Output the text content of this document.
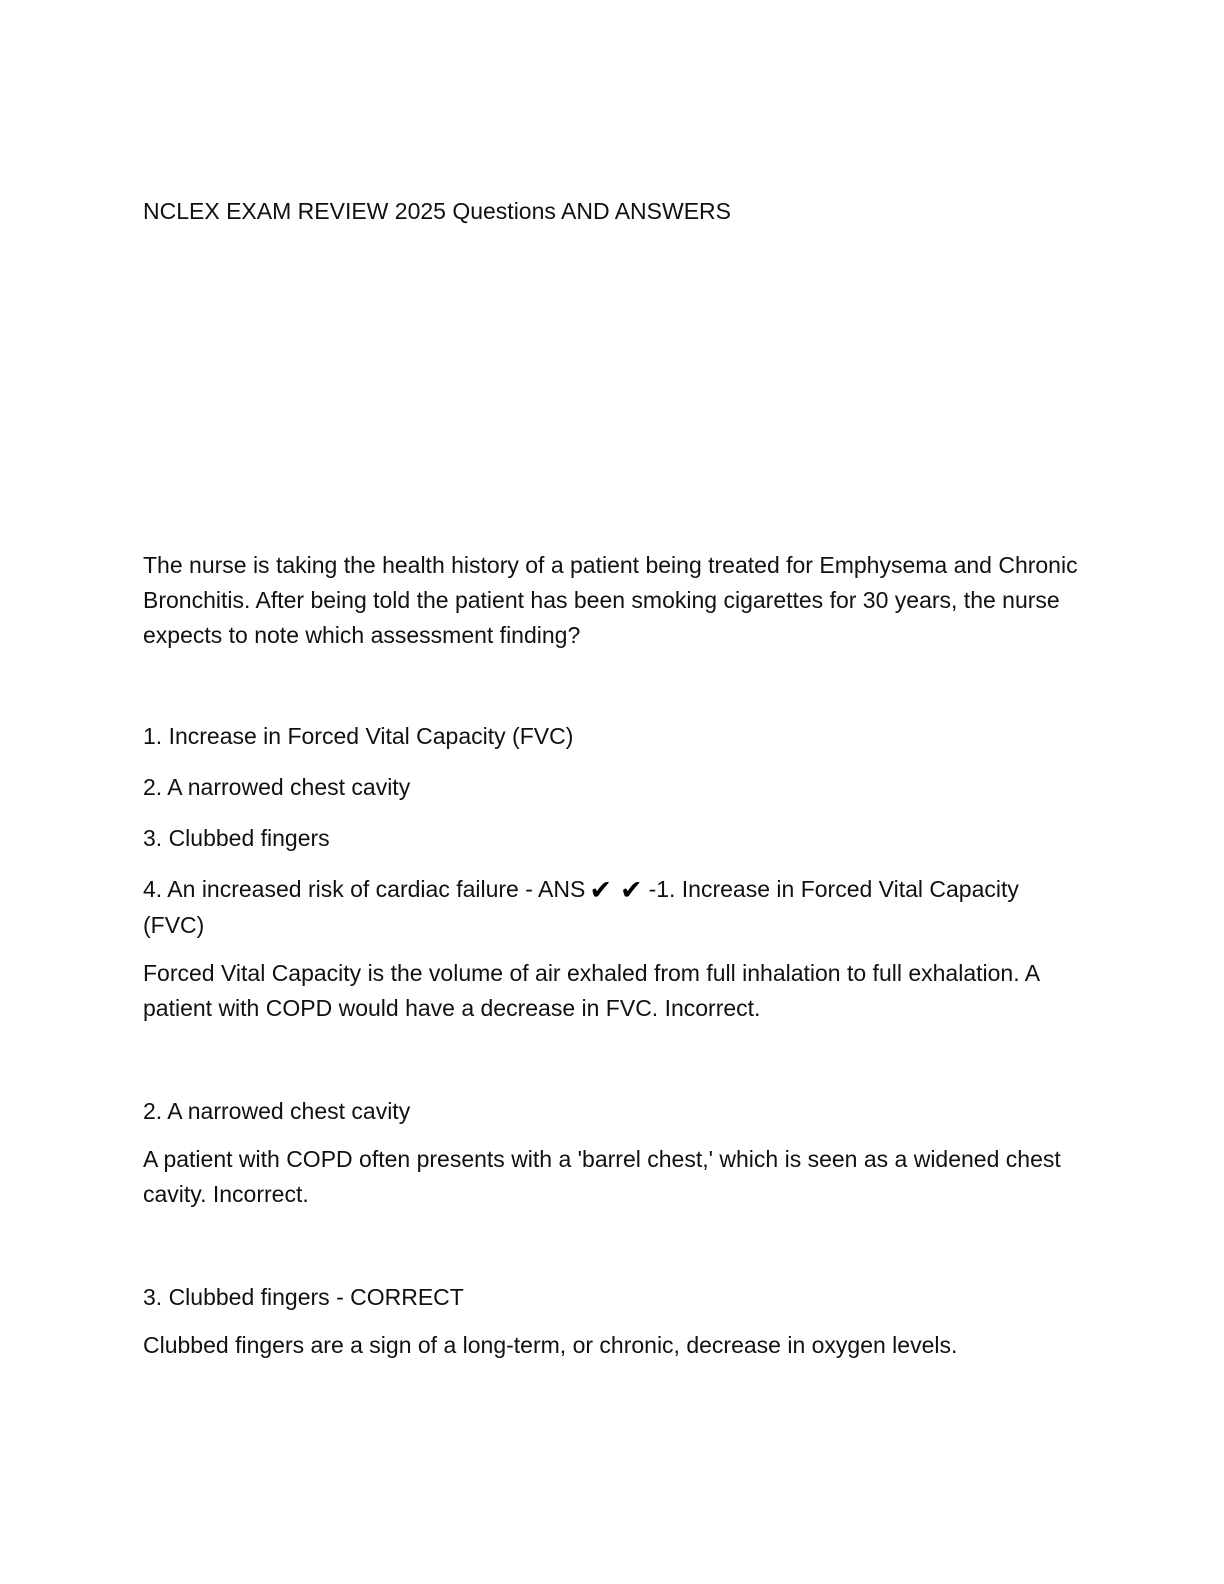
NCLEX EXAM REVIEW 2025 Questions AND ANSWERS

The nurse is taking the health history of a patient being treated for Emphysema and Chronic Bronchitis. After being told the patient has been smoking cigarettes for 30 years, the nurse expects to note which assessment finding?

1. Increase in Forced Vital Capacity (FVC)

2. A narrowed chest cavity

3. Clubbed fingers

4. An increased risk of cardiac failure - ANS ✔ ✔ -1. Increase in Forced Vital Capacity (FVC)

Forced Vital Capacity is the volume of air exhaled from full inhalation to full exhalation. A patient with COPD would have a decrease in FVC. Incorrect.

2. A narrowed chest cavity

A patient with COPD often presents with a 'barrel chest,' which is seen as a widened chest cavity. Incorrect.

3. Clubbed fingers - CORRECT

Clubbed fingers are a sign of a long-term, or chronic, decrease in oxygen levels.
